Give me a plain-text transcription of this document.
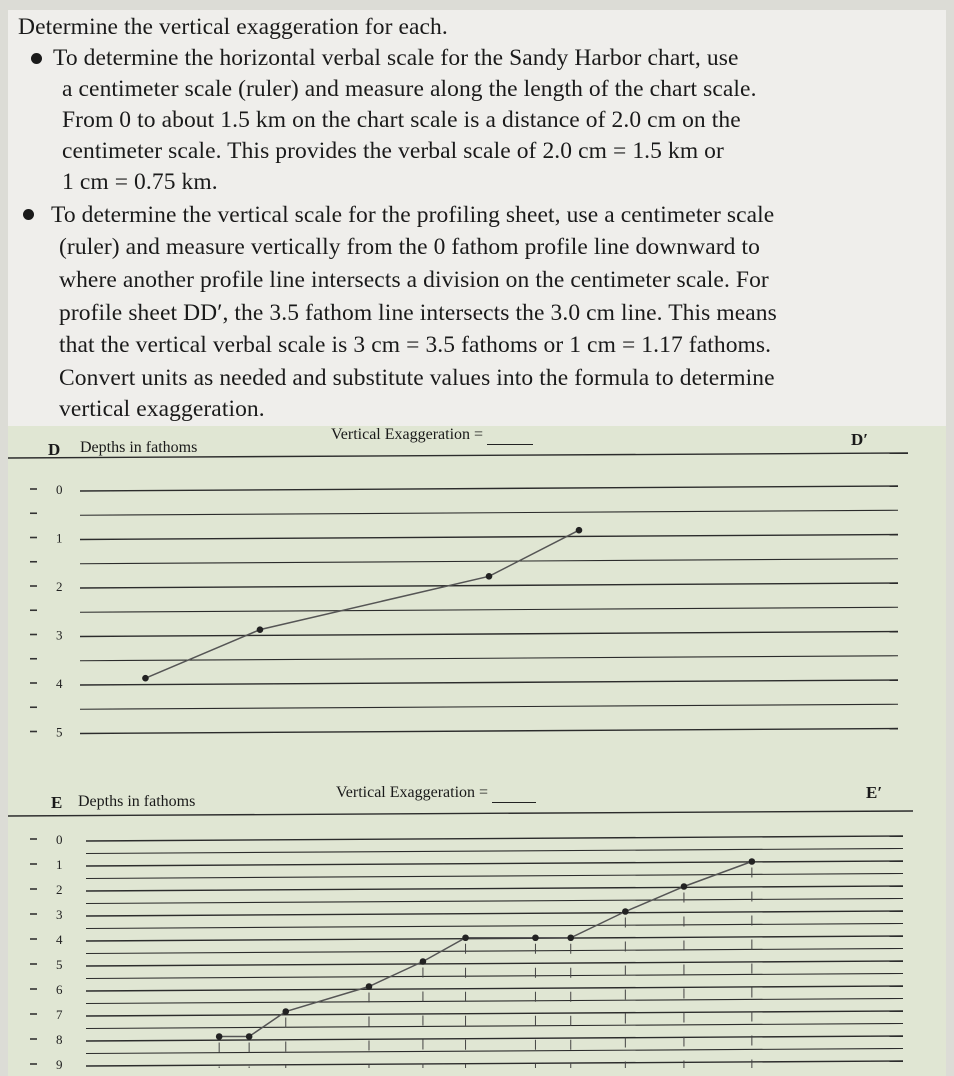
Determine the vertical exaggeration for each.

To determine the horizontal verbal scale for the Sandy Harbor chart, use

a centimeter scale (ruler) and measure along the length of the chart scale.

From 0 to about 1.5 km on the chart scale is a distance of 2.0 cm on the

centimeter scale. This provides the verbal scale of 2.0 cm = 1.5 km or

1 cm = 0.75 km.

To determine the vertical scale for the profiling sheet, use a centimeter scale

(ruler) and measure vertically from the 0 fathom profile line downward to

where another profile line intersects a division on the centimeter scale. For

profile sheet DD′, the 3.5 fathom line intersects the 3.0 cm line. This means

that the vertical verbal scale is 3 cm = 3.5 fathoms or 1 cm = 1.17 fathoms.

Convert units as needed and substitute values into the formula to determine

vertical exaggeration.

D Depths in fathoms
Vertical Exaggeration =	D′
E Depths in fathoms
Vertical Exaggeration =	E′
0
1
2
3
4
5
0
1
2
3
4
5
6
7
8
9
